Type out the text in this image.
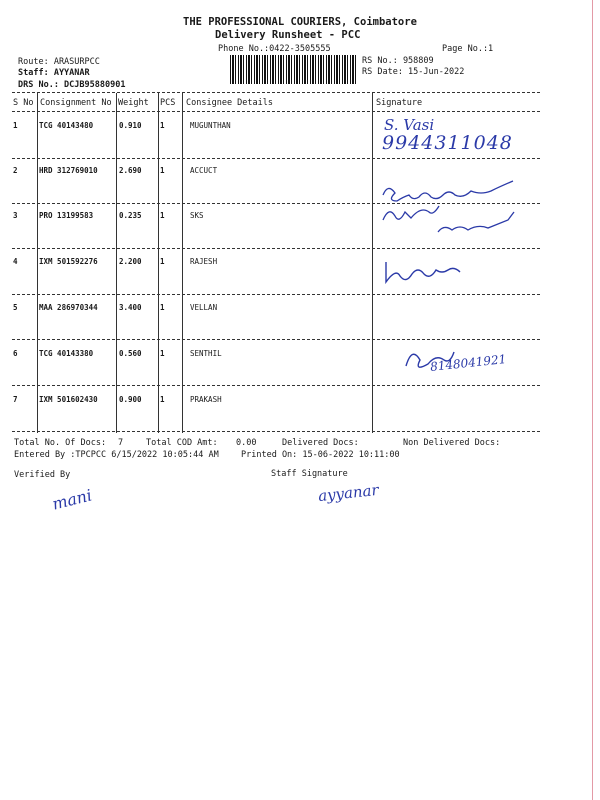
THE PROFESSIONAL COURIERS, Coimbatore
Delivery Runsheet - PCC
Phone No.:0422-3505555	Page No.:1
Route: ARASURPCC
Staff: AYYANAR
DRS No.: DCJB95880901
RS No.: 958809
RS Date: 15-Jun-2022
S No Consignment No Weight PCS Consignee Details	Signature
1	TCG 40143480	0.910 1	MUGUNTHAN
2	HRD 312769010	2.690 1	ACCUCT
3	PRO 13199583	0.235 1	SKS
4	IXM 501592276	2.200 1	RAJESH
5	MAA 286970344	3.400 1	VELLAN
6	TCG 40143380	0.560 1	SENTHIL
7	IXM 501602430	0.900 1	PRAKASH
S. Vasi
9944311048
8148041921
Total No. Of Docs: 7	Total COD Amt: 0.00	Delivered Docs:	Non Delivered Docs:
Entered By :TPCPCC 6/15/2022 10:05:44 AM	Printed On: 15-06-2022 10:11:00
Verified By	Staff Signature
mani	ayyanar
